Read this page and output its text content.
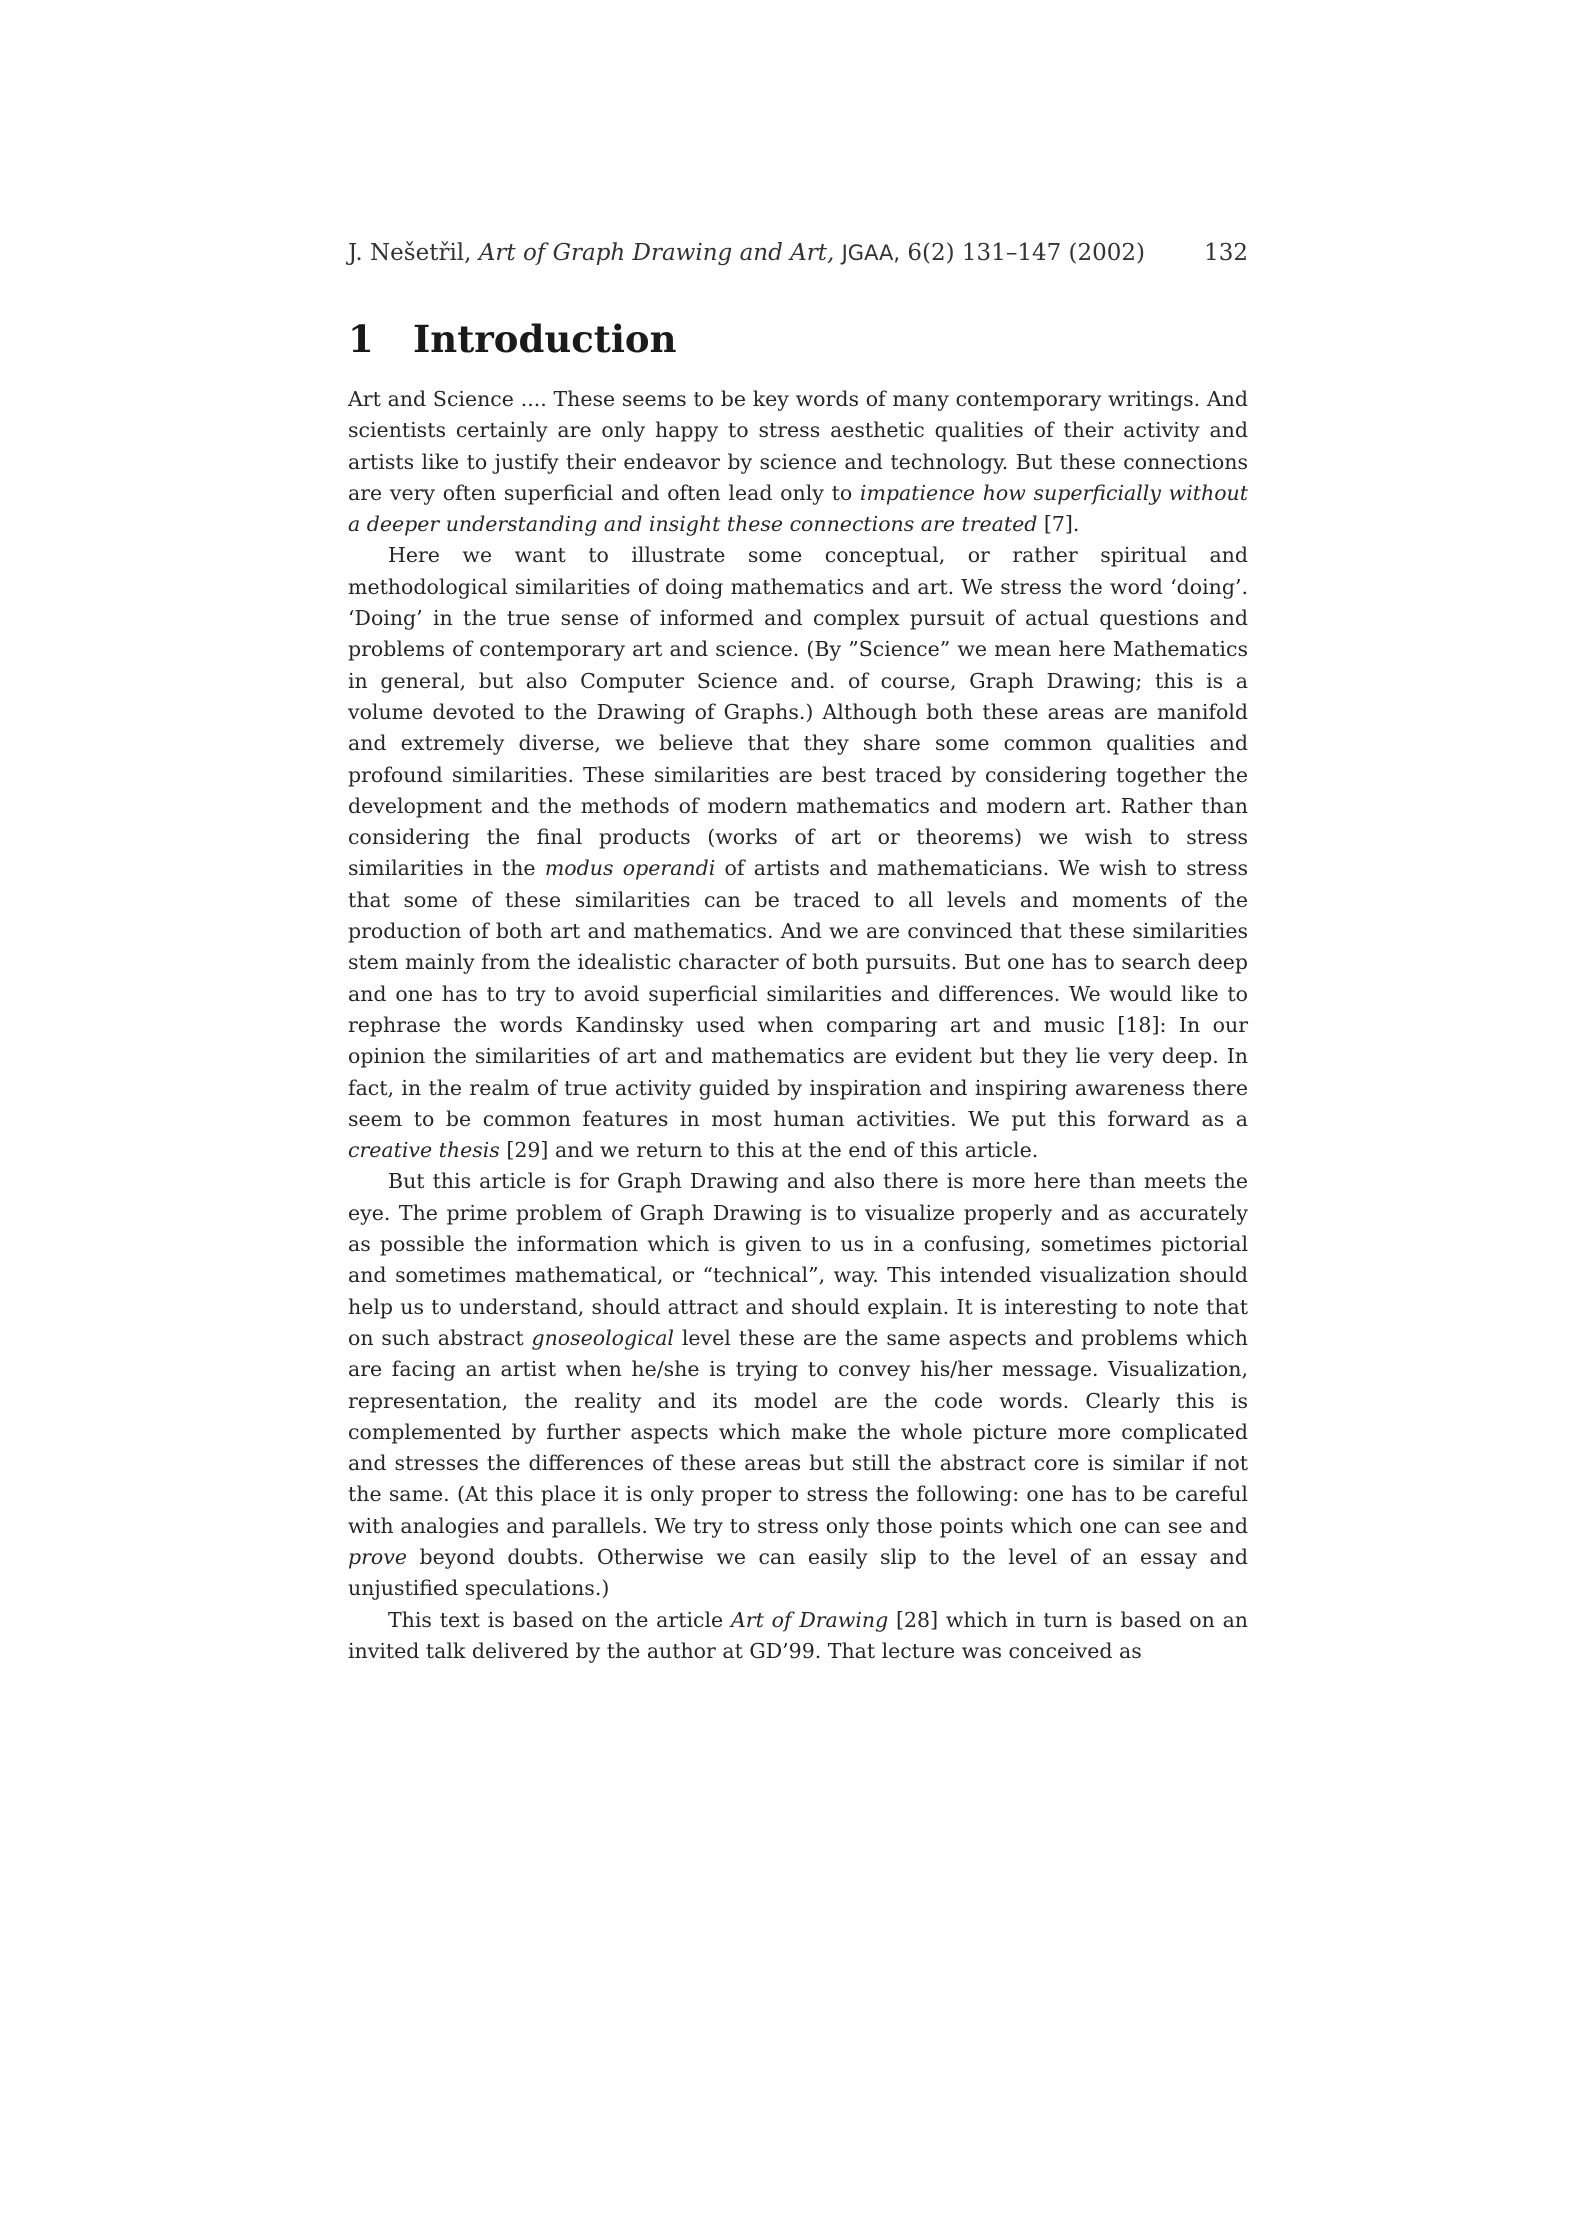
J. Nešetřil, Art of Graph Drawing and Art, JGAA, 6(2) 131–147 (2002)	132
1 Introduction

Art and Science .... These seems to be key words of many contemporary writings. And scientists certainly are only happy to stress aesthetic qualities of their activity and artists like to justify their endeavor by science and technology. But these connections are very often superficial and often lead only to impatience how superficially without a deeper understanding and insight these connections are treated [7].

Here we want to illustrate some conceptual, or rather spiritual and methodological similarities of doing mathematics and art. We stress the word ‘doing’. ‘Doing’ in the true sense of informed and complex pursuit of actual questions and problems of contemporary art and science. (By ”Science” we mean here Mathematics in general, but also Computer Science and. of course, Graph Drawing; this is a volume devoted to the Drawing of Graphs.) Although both these areas are manifold and extremely diverse, we believe that they share some common qualities and profound similarities. These similarities are best traced by considering together the development and the methods of modern mathematics and modern art. Rather than considering the final products (works of art or theorems) we wish to stress similarities in the modus operandi of artists and mathematicians. We wish to stress that some of these similarities can be traced to all levels and moments of the production of both art and mathematics. And we are convinced that these similarities stem mainly from the idealistic character of both pursuits. But one has to search deep and one has to try to avoid superficial similarities and differences. We would like to rephrase the words Kandinsky used when comparing art and music [18]: In our opinion the similarities of art and mathematics are evident but they lie very deep. In fact, in the realm of true activity guided by inspiration and inspiring awareness there seem to be common features in most human activities. We put this forward as a creative thesis [29] and we return to this at the end of this article.

But this article is for Graph Drawing and also there is more here than meets the eye. The prime problem of Graph Drawing is to visualize properly and as accurately as possible the information which is given to us in a confusing, sometimes pictorial and sometimes mathematical, or “technical”, way. This intended visualization should help us to understand, should attract and should explain. It is interesting to note that on such abstract gnoseological level these are the same aspects and problems which are facing an artist when he/she is trying to convey his/her message. Visualization, representation, the reality and its model are the code words. Clearly this is complemented by further aspects which make the whole picture more complicated and stresses the differences of these areas but still the abstract core is similar if not the same. (At this place it is only proper to stress the following: one has to be careful with analogies and parallels. We try to stress only those points which one can see and prove beyond doubts. Otherwise we can easily slip to the level of an essay and unjustified speculations.)

This text is based on the article Art of Drawing [28] which in turn is based on an invited talk delivered by the author at GD’99. That lecture was conceived as
